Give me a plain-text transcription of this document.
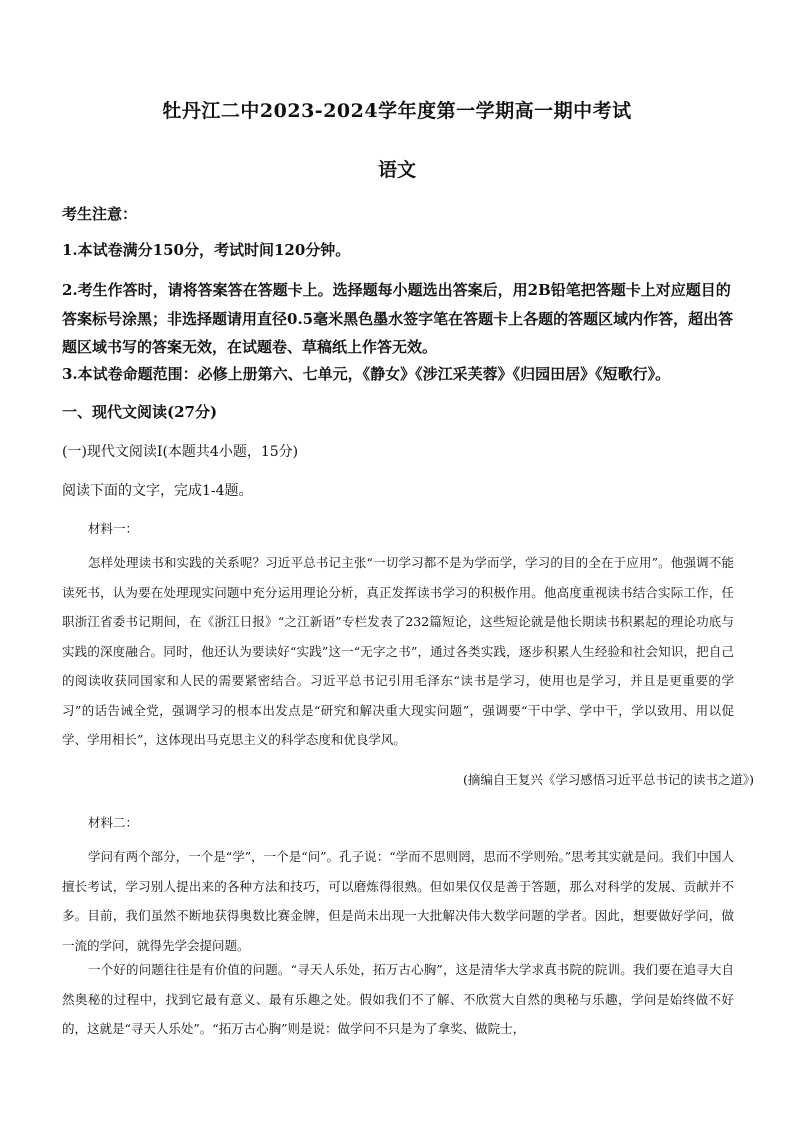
牡丹江二中2023-2024学年度第一学期高一期中考试
语文
考生注意：
1.本试卷满分150分，考试时间120分钟。
2.考生作答时，请将答案答在答题卡上。选择题每小题选出答案后，用2B铅笔把答题卡上对应题目的答案标号涂黑；非选择题请用直径0.5毫米黑色墨水签字笔在答题卡上各题的答题区域内作答，超出答题区域书写的答案无效，在试题卷、草稿纸上作答无效。
3.本试卷命题范围：必修上册第六、七单元，《静女》《涉江采芙蓉》《归园田居》《短歌行》。
一、现代文阅读(27分)
(一)现代文阅读Ⅰ(本题共4小题，15分)
阅读下面的文字，完成1-4题。
材料一：
怎样处理读书和实践的关系呢？习近平总书记主张“一切学习都不是为学而学，学习的目的全在于应用”。他强调不能读死书，认为要在处理现实问题中充分运用理论分析，真正发挥读书学习的积极作用。他高度重视读书结合实际工作，任职浙江省委书记期间，在《浙江日报》“之江新语”专栏发表了232篇短论，这些短论就是他长期读书积累起的理论功底与实践的深度融合。同时，他还认为要读好“实践”这一“无字之书”，通过各类实践，逐步积累人生经验和社会知识，把自己的阅读收获同国家和人民的需要紧密结合。习近平总书记引用毛泽东“读书是学习，使用也是学习，并且是更重要的学习”的话告诫全党，强调学习的根本出发点是“研究和解决重大现实问题”，强调要“干中学、学中干，学以致用、用以促学、学用相长”，这体现出马克思主义的科学态度和优良学风。
(摘编自王复兴《学习感悟习近平总书记的读书之道》)
材料二：
学问有两个部分，一个是“学”，一个是“问”。孔子说：“学而不思则罔，思而不学则殆。”思考其实就是问。我们中国人擅长考试，学习别人提出来的各种方法和技巧，可以磨炼得很熟。但如果仅仅是善于答题，那么对科学的发展、贡献并不多。目前，我们虽然不断地获得奥数比赛金牌，但是尚未出现一大批解决伟大数学问题的学者。因此，想要做好学问，做一流的学问，就得先学会提问题。
一个好的问题往往是有价值的问题。“寻天人乐处，拓万古心胸”，这是清华大学求真书院的院训。我们要在追寻大自然奥秘的过程中，找到它最有意义、最有乐趣之处。假如我们不了解、不欣赏大自然的奥秘与乐趣，学问是始终做不好的，这就是“寻天人乐处”。“拓万古心胸”则是说：做学问不只是为了拿奖、做院士，
